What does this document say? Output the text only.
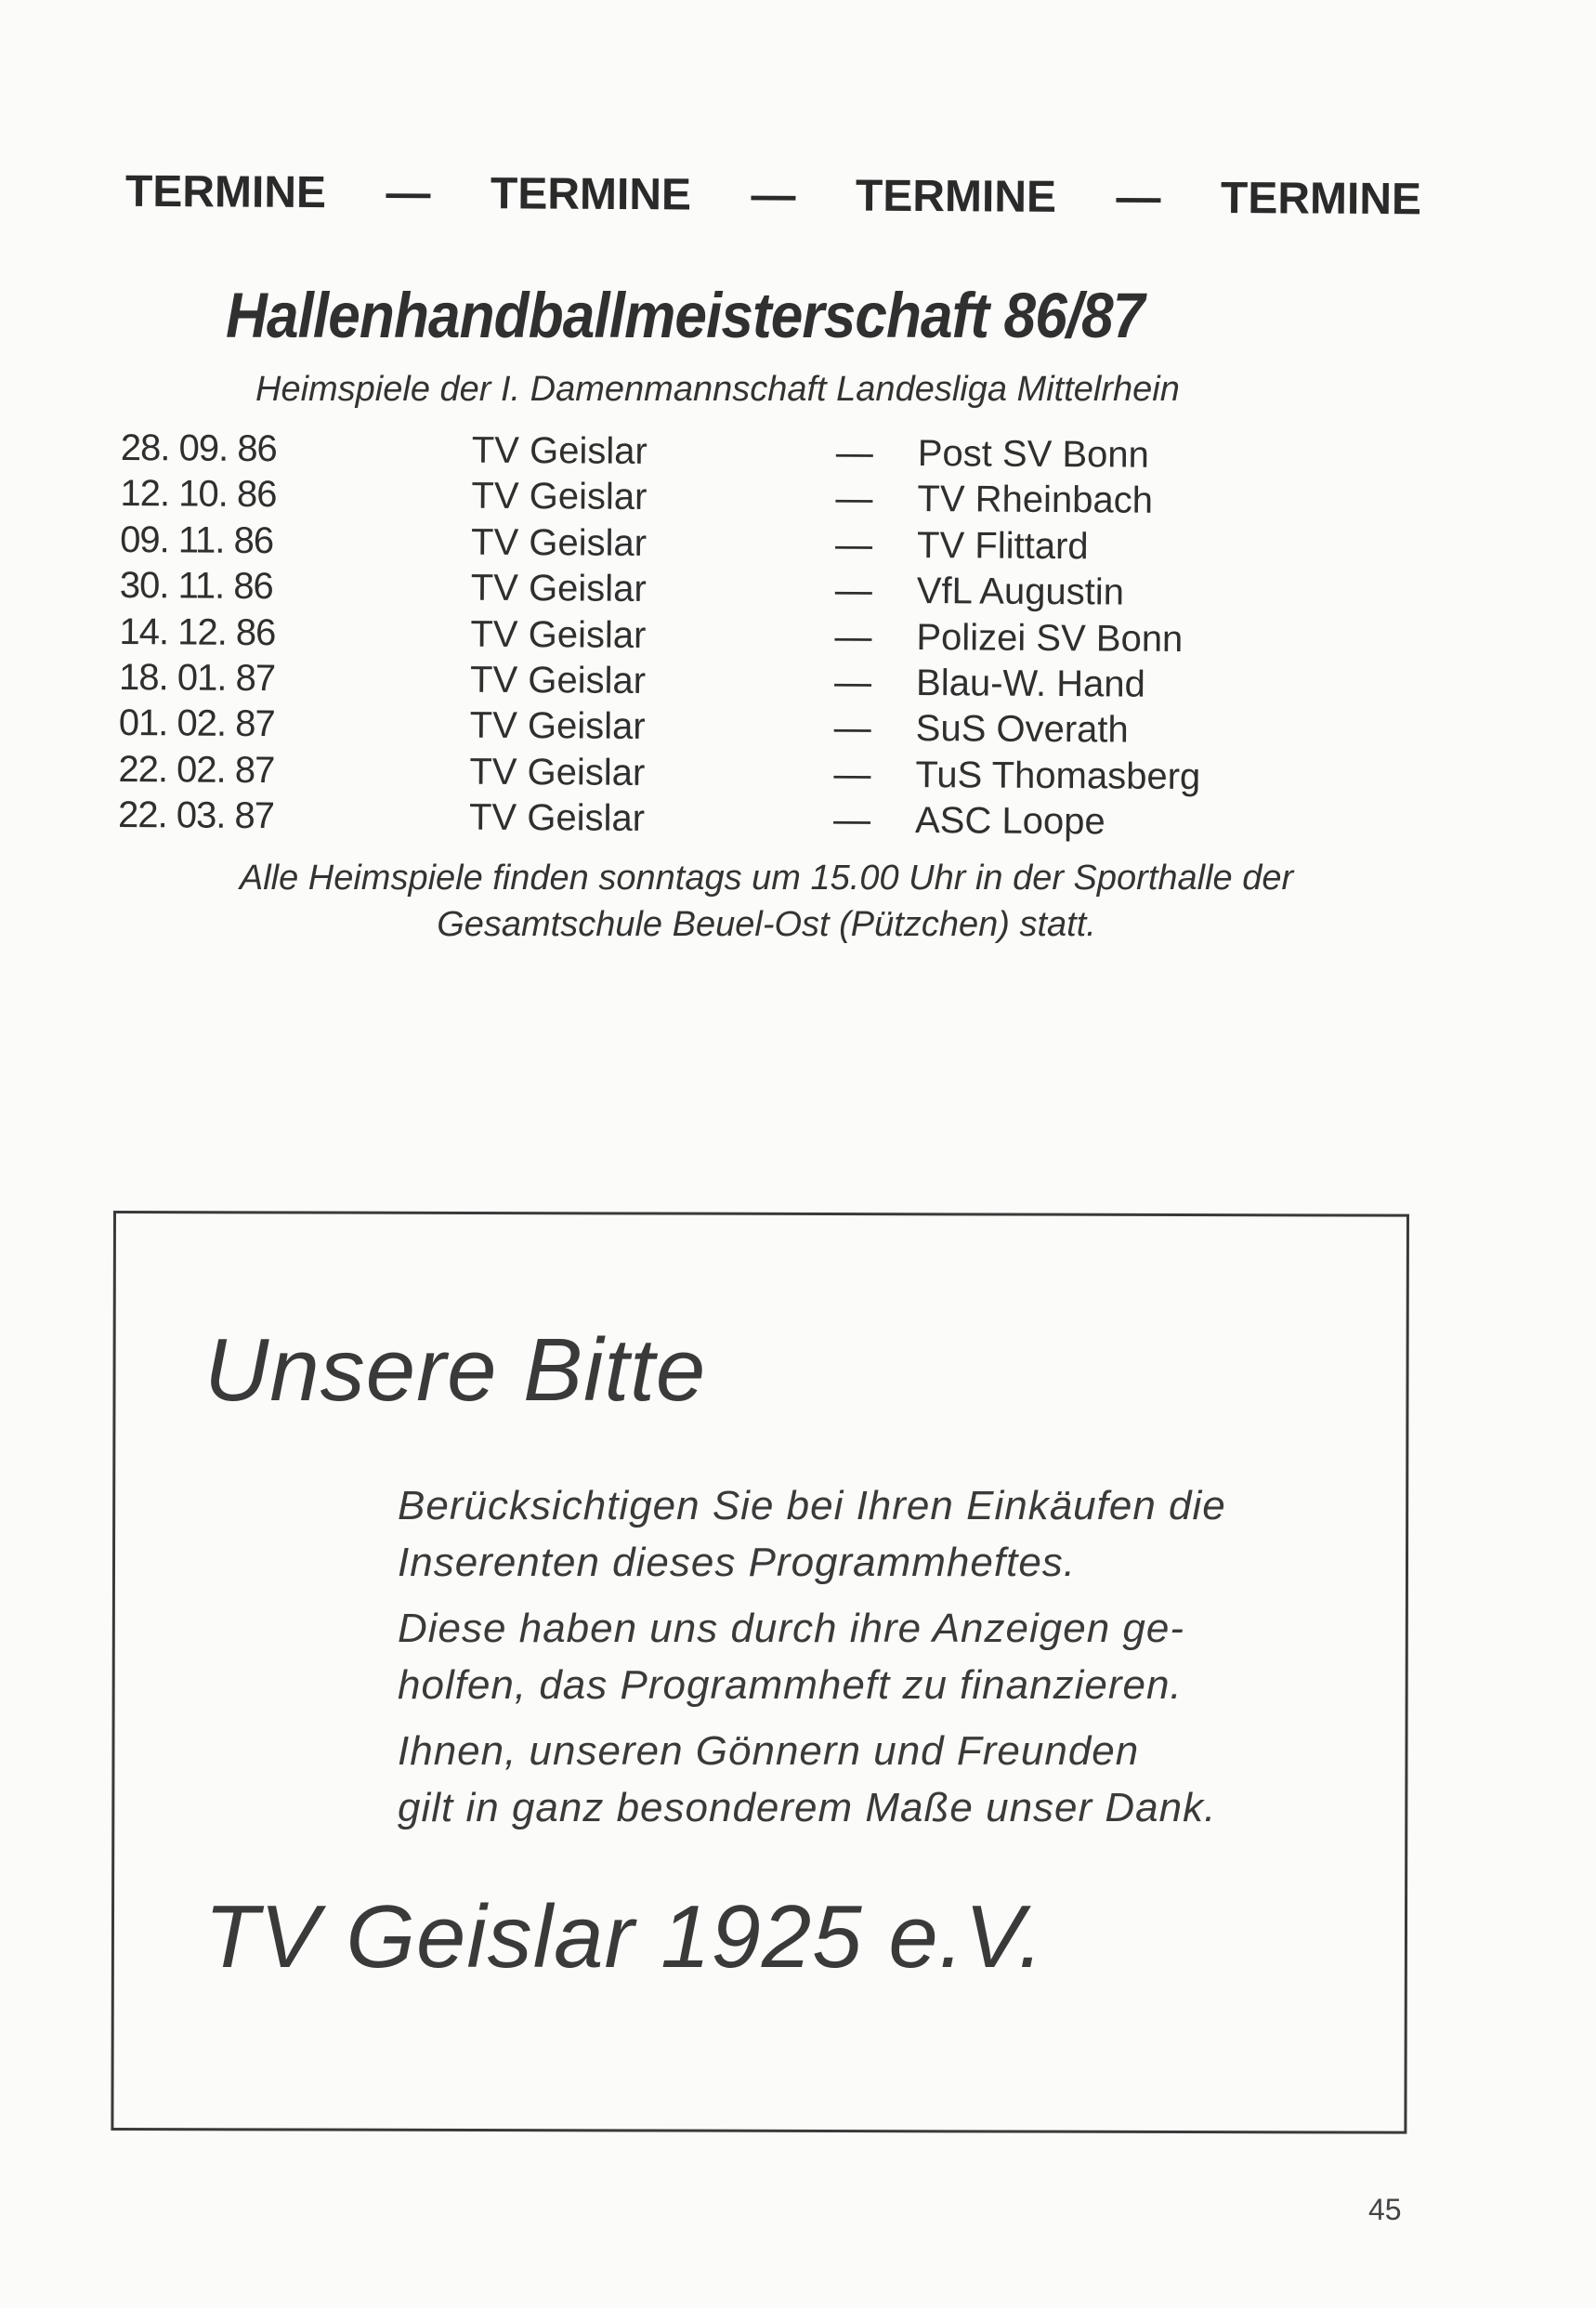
TERMINE — TERMINE — TERMINE — TERMINE
Hallenhandballmeisterschaft 86/87
Heimspiele der I. Damenmannschaft Landesliga Mittelrhein
28. 09. 86	TV Geislar	— Post SV Bonn
12. 10. 86	TV Geislar	— TV Rheinbach
09. 11. 86	TV Geislar	— TV Flittard
30. 11. 86	TV Geislar	— VfL Augustin
14. 12. 86	TV Geislar	— Polizei SV Bonn
18. 01. 87	TV Geislar	— Blau-W. Hand
01. 02. 87	TV Geislar	— SuS Overath
22. 02. 87	TV Geislar	— TuS Thomasberg
22. 03. 87	TV Geislar	— ASC Loope
Alle Heimspiele finden sonntags um 15.00 Uhr in der Sporthalle der
Gesamtschule Beuel-Ost (Pützchen) statt.
Unsere Bitte
Berücksichtigen Sie bei Ihren Einkäufen die
Inserenten dieses Programmheftes.
Diese haben uns durch ihre Anzeigen ge-
holfen, das Programmheft zu finanzieren.
Ihnen, unseren Gönnern und Freunden
gilt in ganz besonderem Maße unser Dank.
TV Geislar 1925 e.V.
45
